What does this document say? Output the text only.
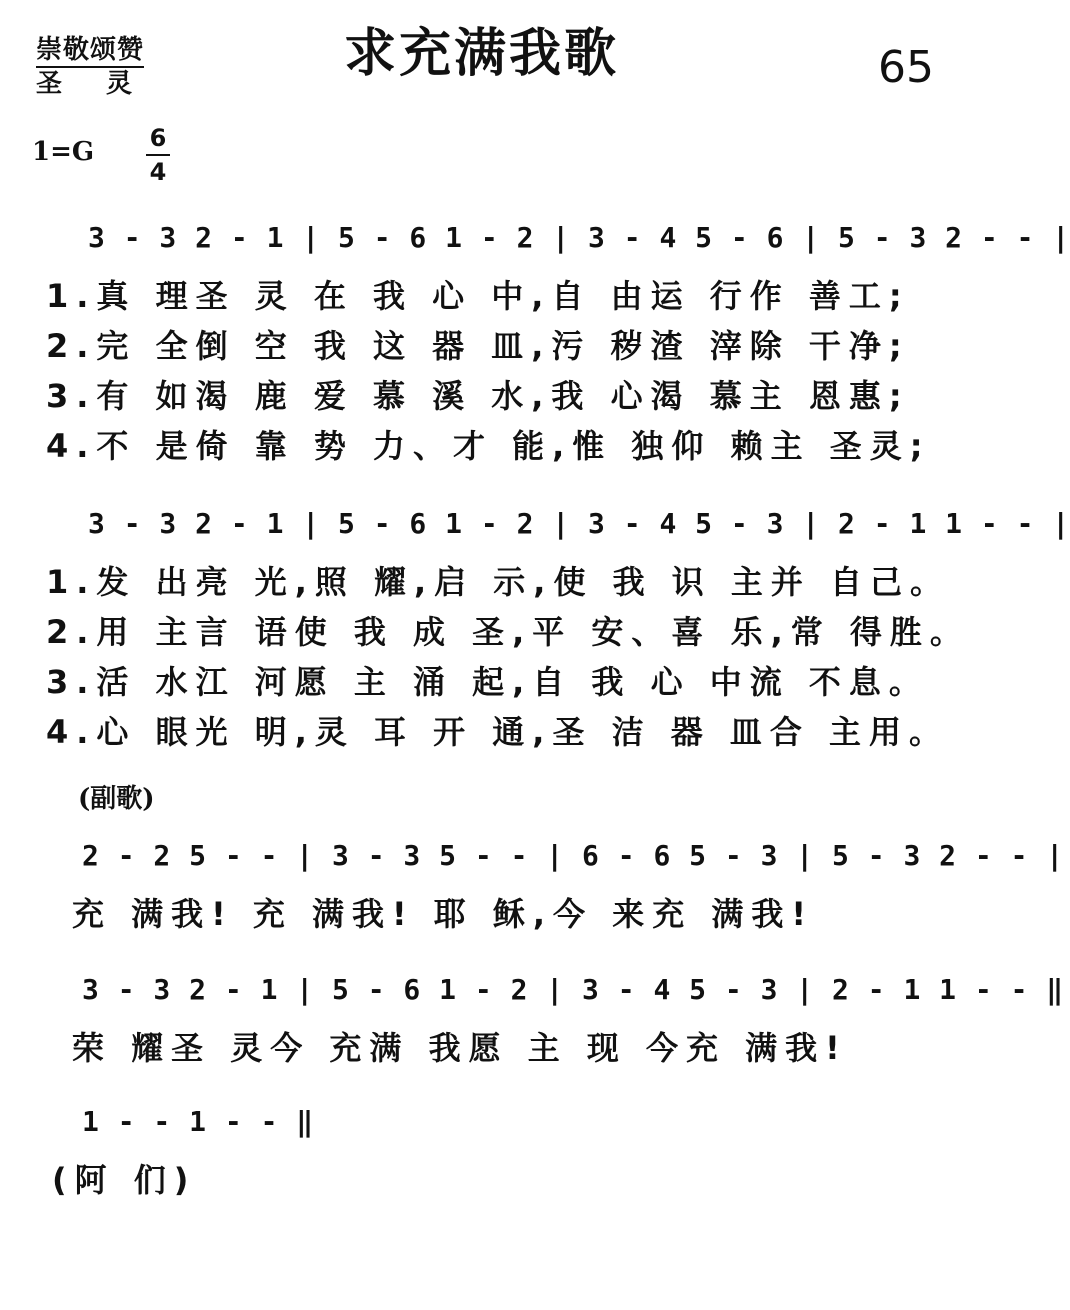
崇敬颂赞
圣灵	求充满我歌	65
1=G 6
4
3 - 3 2 - 1 | 5 - 6 1 - 2 | 3 - 4 5 - 6 | 5 - 3 2 - - |
1.真 理圣 灵 在 我 心 中,自 由运 行作 善工;
2.完 全倒 空 我 这 器 皿,污 秽渣 滓除 干净;
3.有 如渴 鹿 爱 慕 溪 水,我 心渴 慕主 恩惠;
4.不 是倚 靠 势 力、才 能,惟 独仰 赖主 圣灵;
3 - 3 2 - 1 | 5 - 6 1 - 2 | 3 - 4 5 - 3 | 2 - 1 1 - - |
1.发 出亮 光,照 耀,启 示,使 我 识 主并 自己。
2.用 主言 语使 我 成 圣,平 安、喜 乐,常 得胜。
3.活 水江 河愿 主 涌 起,自 我 心 中流 不息。
4.心 眼光 明,灵 耳 开 通,圣 洁 器 皿合 主用。
(副歌)
2 - 2 5 - - | 3 - 3 5 - - | 6 - 6 5 - 3 | 5 - 3 2 - - |
充 满我! 充 满我! 耶 稣,今 来充 满我!
3 - 3 2 - 1 | 5 - 6 1 - 2 | 3 - 4 5 - 3 | 2 - 1 1 - - ‖
荣 耀圣 灵今 充满 我愿 主 现 今充 满我!
1 - - 1 - - ‖
(阿 们)
